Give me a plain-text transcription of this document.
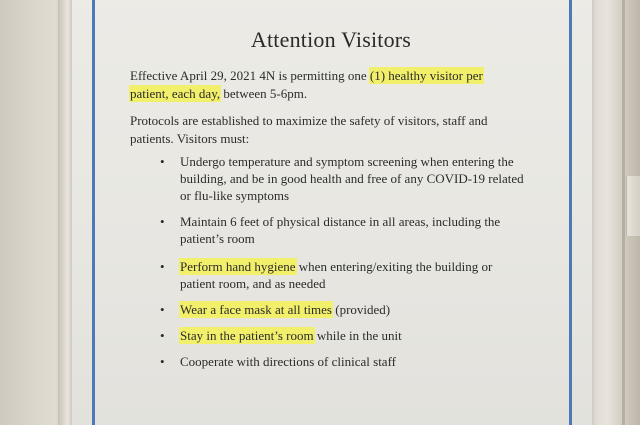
Attention Visitors
Effective April 29, 2021 4N is permitting one (1) healthy visitor per
patient, each day, between 5-6pm.
Protocols are established to maximize the safety of visitors, staff and patients. Visitors must:
• Undergo temperature and symptom screening when entering the building, and be in good health and free of any COVID-19 related or flu-like symptoms
• Maintain 6 feet of physical distance in all areas, including the patient’s room
• Perform hand hygiene when entering/exiting the building or patient room, and as needed
• Wear a face mask at all times (provided)
• Stay in the patient’s room while in the unit
• Cooperate with directions of clinical staff
